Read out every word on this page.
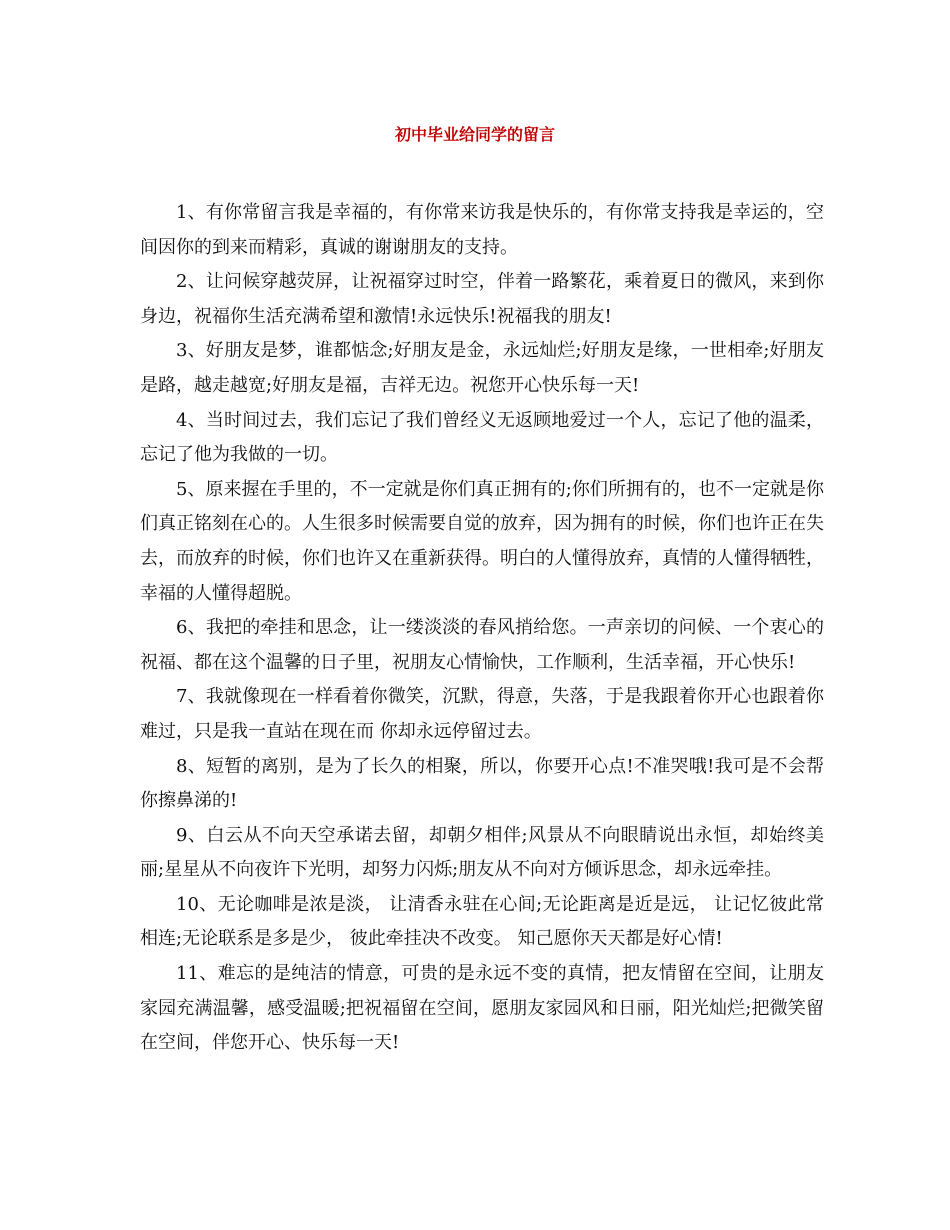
初中毕业给同学的留言

1、有你常留言我是幸福的，有你常来访我是快乐的，有你常支持我是幸运的，空间因你的到来而精彩，真诚的谢谢朋友的支持。

2、让问候穿越荧屏，让祝福穿过时空，伴着一路繁花，乘着夏日的微风，来到你身边，祝福你生活充满希望和激情!永远快乐!祝福我的朋友!

3、好朋友是梦，谁都惦念;好朋友是金，永远灿烂;好朋友是缘，一世相牵;好朋友是路，越走越宽;好朋友是福，吉祥无边。祝您开心快乐每一天!

4、当时间过去，我们忘记了我们曾经义无返顾地爱过一个人，忘记了他的温柔，忘记了他为我做的一切。

5、原来握在手里的，不一定就是你们真正拥有的;你们所拥有的，也不一定就是你们真正铭刻在心的。人生很多时候需要自觉的放弃，因为拥有的时候，你们也许正在失去，而放弃的时候，你们也许又在重新获得。明白的人懂得放弃，真情的人懂得牺牲，幸福的人懂得超脱。

6、我把的牵挂和思念，让一缕淡淡的春风捎给您。一声亲切的问候、一个衷心的祝福、都在这个温馨的日子里，祝朋友心情愉快，工作顺利，生活幸福，开心快乐!

7、我就像现在一样看着你微笑，沉默，得意，失落，于是我跟着你开心也跟着你难过，只是我一直站在现在而 你却永远停留过去。

8、短暂的离别，是为了长久的相聚，所以，你要开心点!不准哭哦!我可是不会帮你擦鼻涕的!

9、白云从不向天空承诺去留，却朝夕相伴;风景从不向眼睛说出永恒，却始终美丽;星星从不向夜许下光明，却努力闪烁;朋友从不向对方倾诉思念，却永远牵挂。

10、无论咖啡是浓是淡， 让清香永驻在心间;无论距离是近是远， 让记忆彼此常相连;无论联系是多是少， 彼此牵挂决不改变。 知己愿你天天都是好心情!

11、难忘的是纯洁的情意，可贵的是永远不变的真情，把友情留在空间，让朋友家园充满温馨，感受温暖;把祝福留在空间，愿朋友家园风和日丽，阳光灿烂;把微笑留在空间，伴您开心、快乐每一天!
